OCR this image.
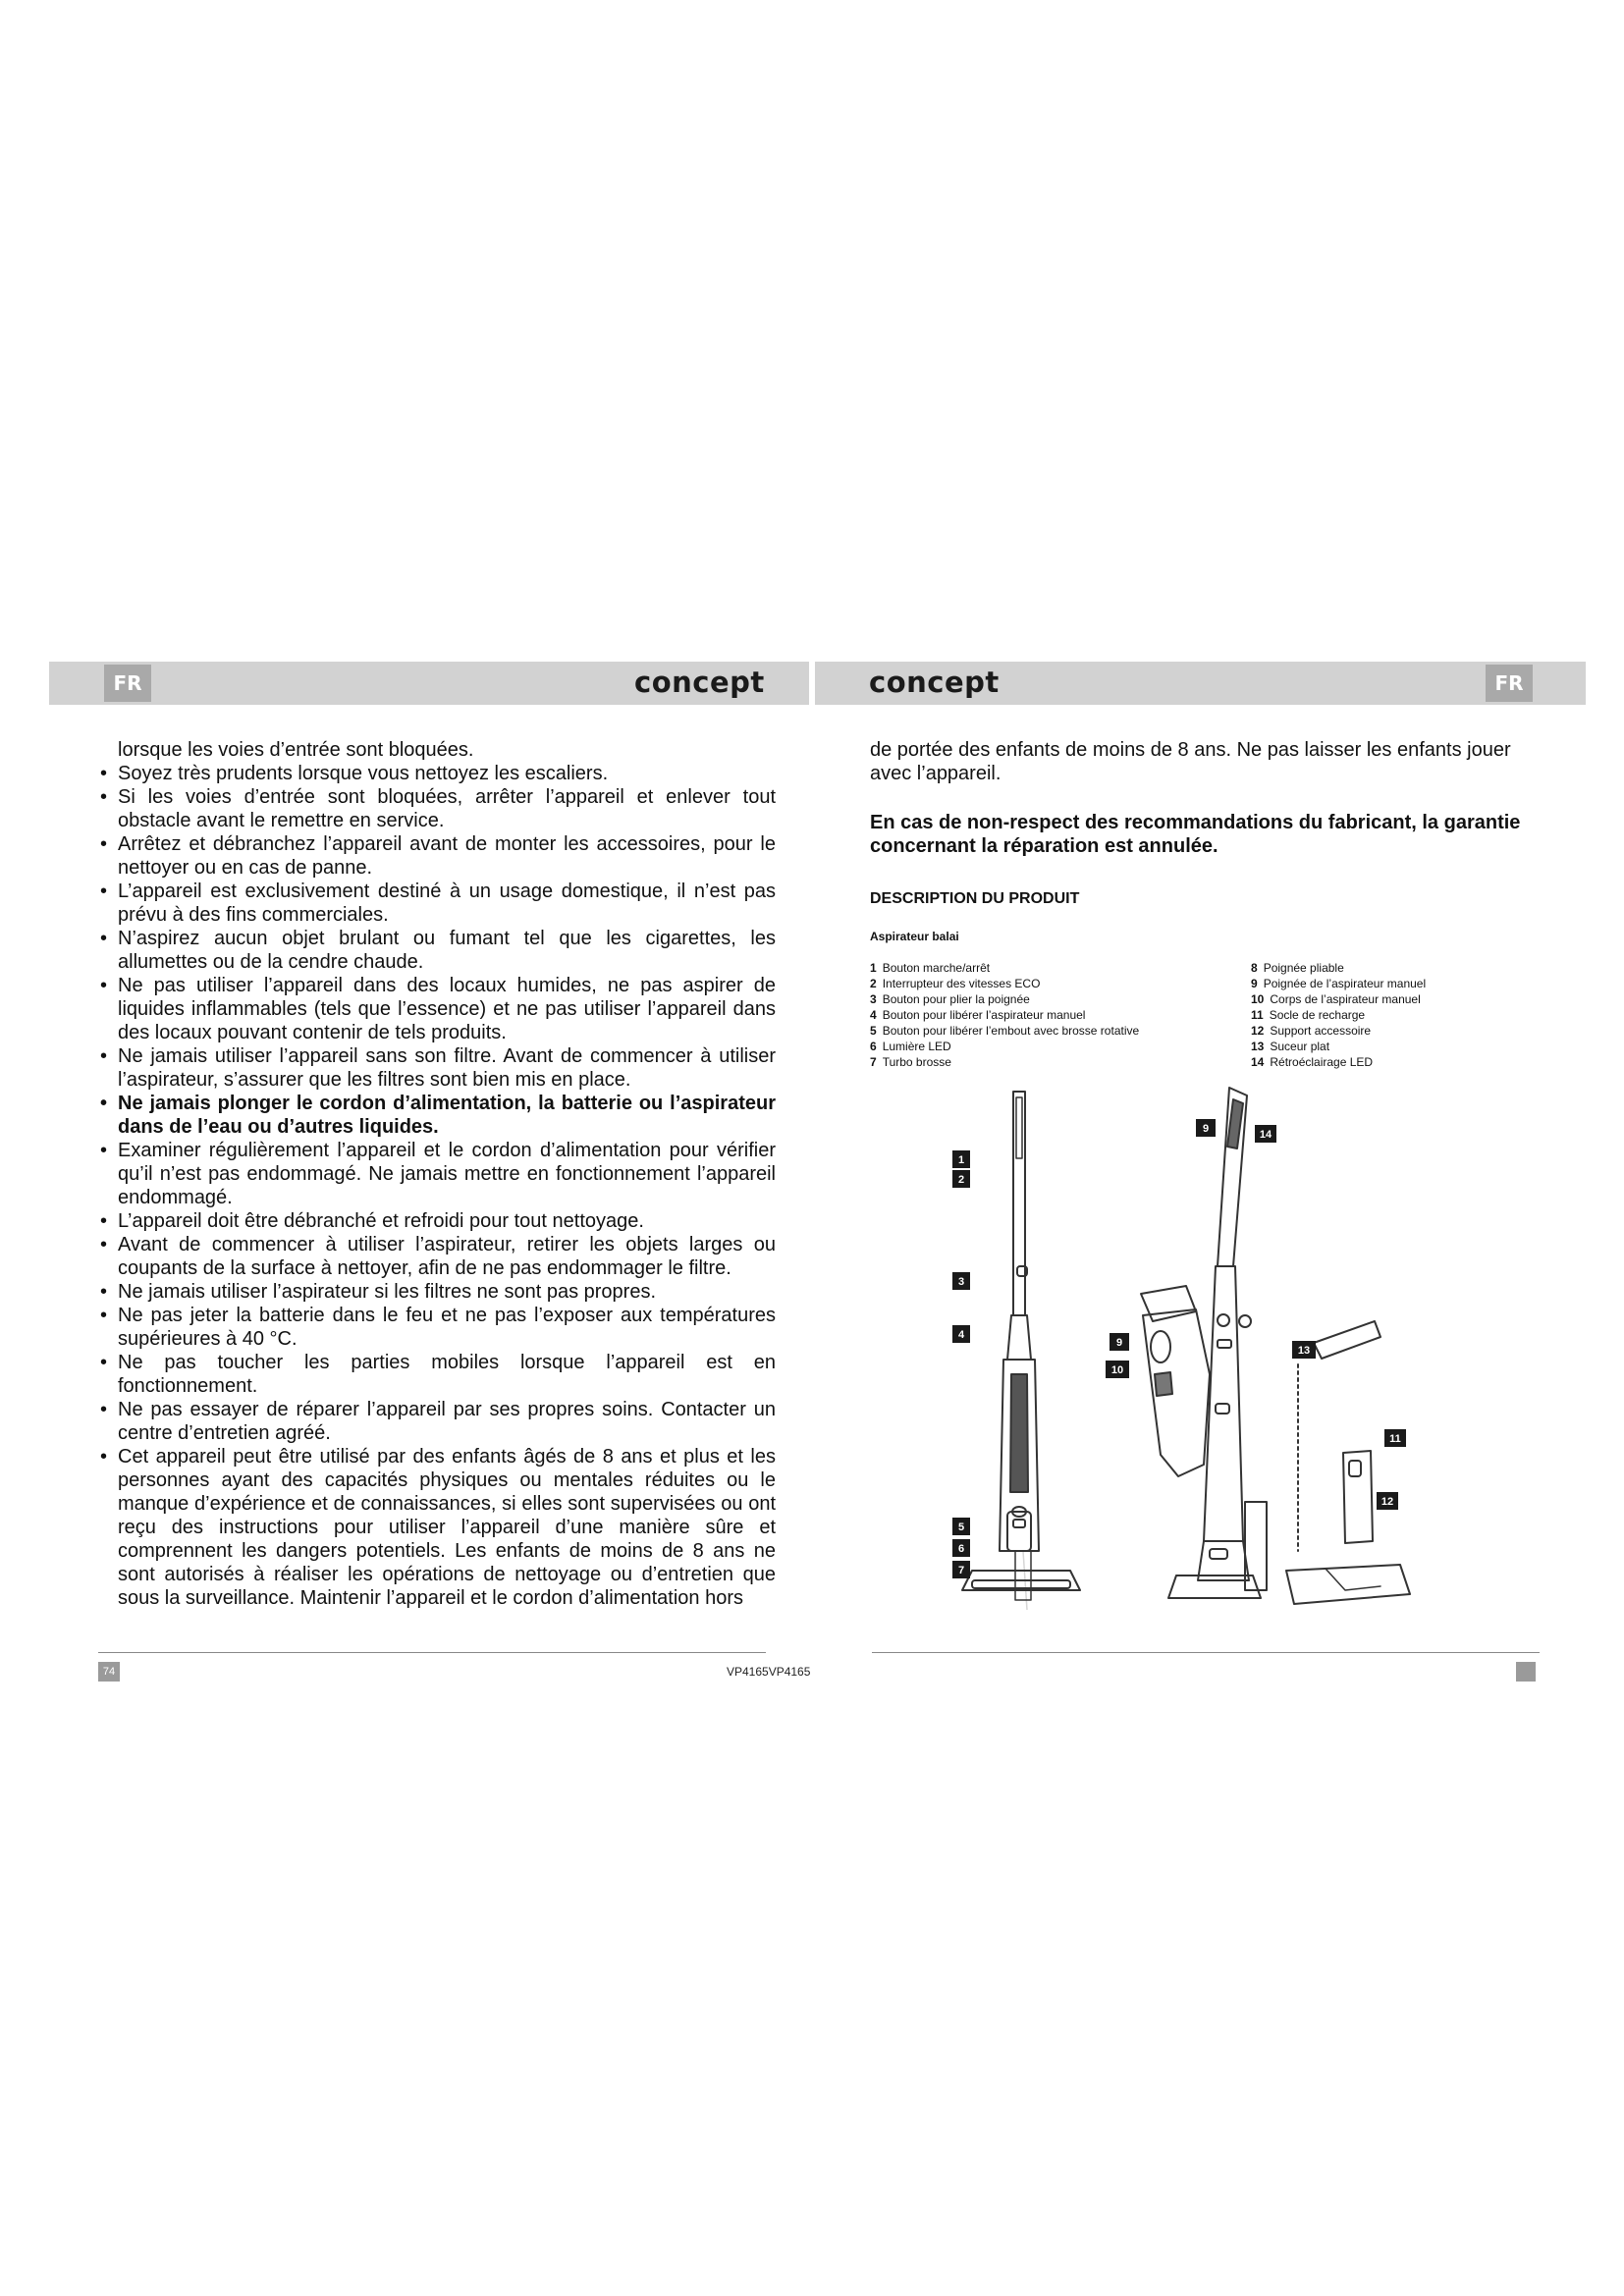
FR	concept	concept	FR
lorsque les voies d’entrée sont bloquées.
• Soyez très prudents lorsque vous nettoyez les escaliers.
• Si les voies d’entrée sont bloquées, arrêter l’appareil et enlever tout obstacle avant le remettre en service.
• Arrêtez et débranchez l’appareil avant de monter les accessoires, pour le nettoyer ou en cas de panne.
• L’appareil est exclusivement destiné à un usage domestique, il n’est pas prévu à des fins commerciales.
• N’aspirez aucun objet brulant ou fumant tel que les cigarettes, les allumettes ou de la cendre chaude.
• Ne pas utiliser l’appareil dans des locaux humides, ne pas aspirer de liquides inflammables (tels que l’essence) et ne pas utiliser l’appareil dans des locaux pouvant contenir de tels produits.
• Ne jamais utiliser l’appareil sans son filtre. Avant de commencer à utiliser l’aspirateur, s’assurer que les filtres sont bien mis en place.
• Ne jamais plonger le cordon d’alimentation, la batterie ou l’aspirateur dans de l’eau ou d’autres liquides.
• Examiner régulièrement l’appareil et le cordon d’alimentation pour vérifier qu’il n’est pas endommagé. Ne jamais mettre en fonctionnement l’appareil endommagé.
• L’appareil doit être débranché et refroidi pour tout nettoyage.
• Avant de commencer à utiliser l’aspirateur, retirer les objets larges ou coupants de la surface à nettoyer, afin de ne pas endommager le filtre.
• Ne jamais utiliser l’aspirateur si les filtres ne sont pas propres.
• Ne pas jeter la batterie dans le feu et ne pas l’exposer aux températures supérieures à 40 °C.
• Ne pas toucher les parties mobiles lorsque l’appareil est en fonctionnement.
• Ne pas essayer de réparer l’appareil par ses propres soins. Contacter un centre d’entretien agréé.
• Cet appareil peut être utilisé par des enfants âgés de 8 ans et plus et les personnes ayant des capacités physiques ou mentales réduites ou le manque d’expérience et de connaissances, si elles sont supervisées ou ont reçu des instructions pour utiliser l’appareil d’une manière sûre et comprennent les dangers potentiels. Les enfants de moins de 8 ans ne sont autorisés à réaliser les opérations de nettoyage ou d’entretien que sous la surveillance. Maintenir l’appareil et le cordon d’alimentation hors

de portée des enfants de moins de 8 ans. Ne pas laisser les enfants jouer avec l’appareil.

En cas de non-respect des recommandations du fabricant, la garantie concernant la réparation est annulée.

DESCRIPTION DU PRODUIT
Aspirateur balai
1 Bouton marche/arrêt
2 Interrupteur des vitesses ECO
3 Bouton pour plier la poignée
4 Bouton pour libérer l’aspirateur manuel
5 Bouton pour libérer l’embout avec brosse rotative
6 Lumière LED
7 Turbo brosse
8 Poignée pliable
9 Poignée de l’aspirateur manuel
10 Corps de l’aspirateur manuel
11 Socle de recharge
12 Support accessoire
13 Suceur plat
14 Rétroéclairage LED
1
2
3
4
5
6
7
9	14
9
10
13
11
12
74	VP4165VP4165
